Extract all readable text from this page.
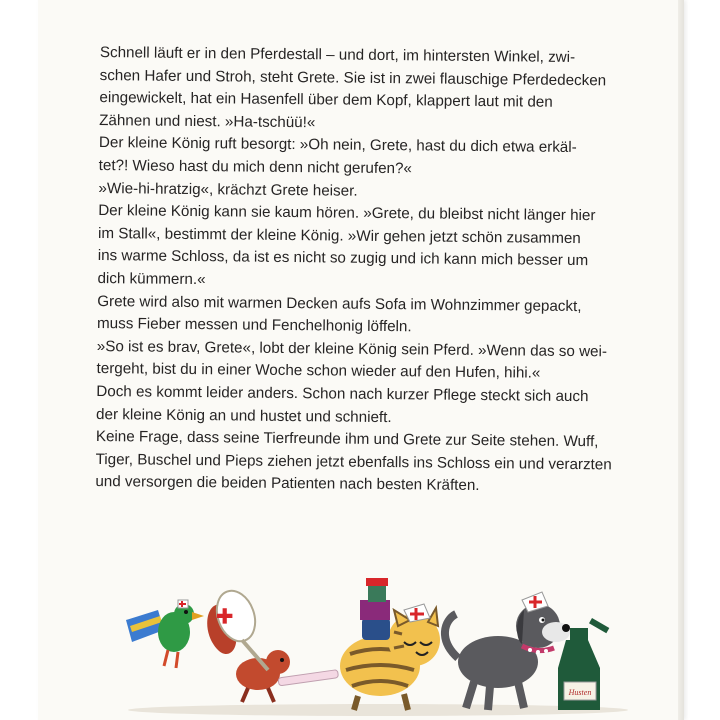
Schnell läuft er in den Pferdestall – und dort, im hintersten Winkel, zwi-
schen Hafer und Stroh, steht Grete. Sie ist in zwei flauschige Pferdedecken
eingewickelt, hat ein Hasenfell über dem Kopf, klappert laut mit den
Zähnen und niest. »Ha-tschüü!«
Der kleine König ruft besorgt: »Oh nein, Grete, hast du dich etwa erkäl-
tet?! Wieso hast du mich denn nicht gerufen?«
»Wie-hi-hratzig«, krächzt Grete heiser.
Der kleine König kann sie kaum hören. »Grete, du bleibst nicht länger hier
im Stall«, bestimmt der kleine König. »Wir gehen jetzt schön zusammen
ins warme Schloss, da ist es nicht so zugig und ich kann mich besser um
dich kümmern.«
Grete wird also mit warmen Decken aufs Sofa im Wohnzimmer gepackt,
muss Fieber messen und Fenchelhonig löffeln.
»So ist es brav, Grete«, lobt der kleine König sein Pferd. »Wenn das so wei-
tergeht, bist du in einer Woche schon wieder auf den Hufen, hihi.«
Doch es kommt leider anders. Schon nach kurzer Pflege steckt sich auch
der kleine König an und hustet und schnieft.
Keine Frage, dass seine Tierfreunde ihm und Grete zur Seite stehen. Wuff,
Tiger, Buschel und Pieps ziehen jetzt ebenfalls ins Schloss ein und verarzten
und versorgen die beiden Patienten nach besten Kräften.
Husten
